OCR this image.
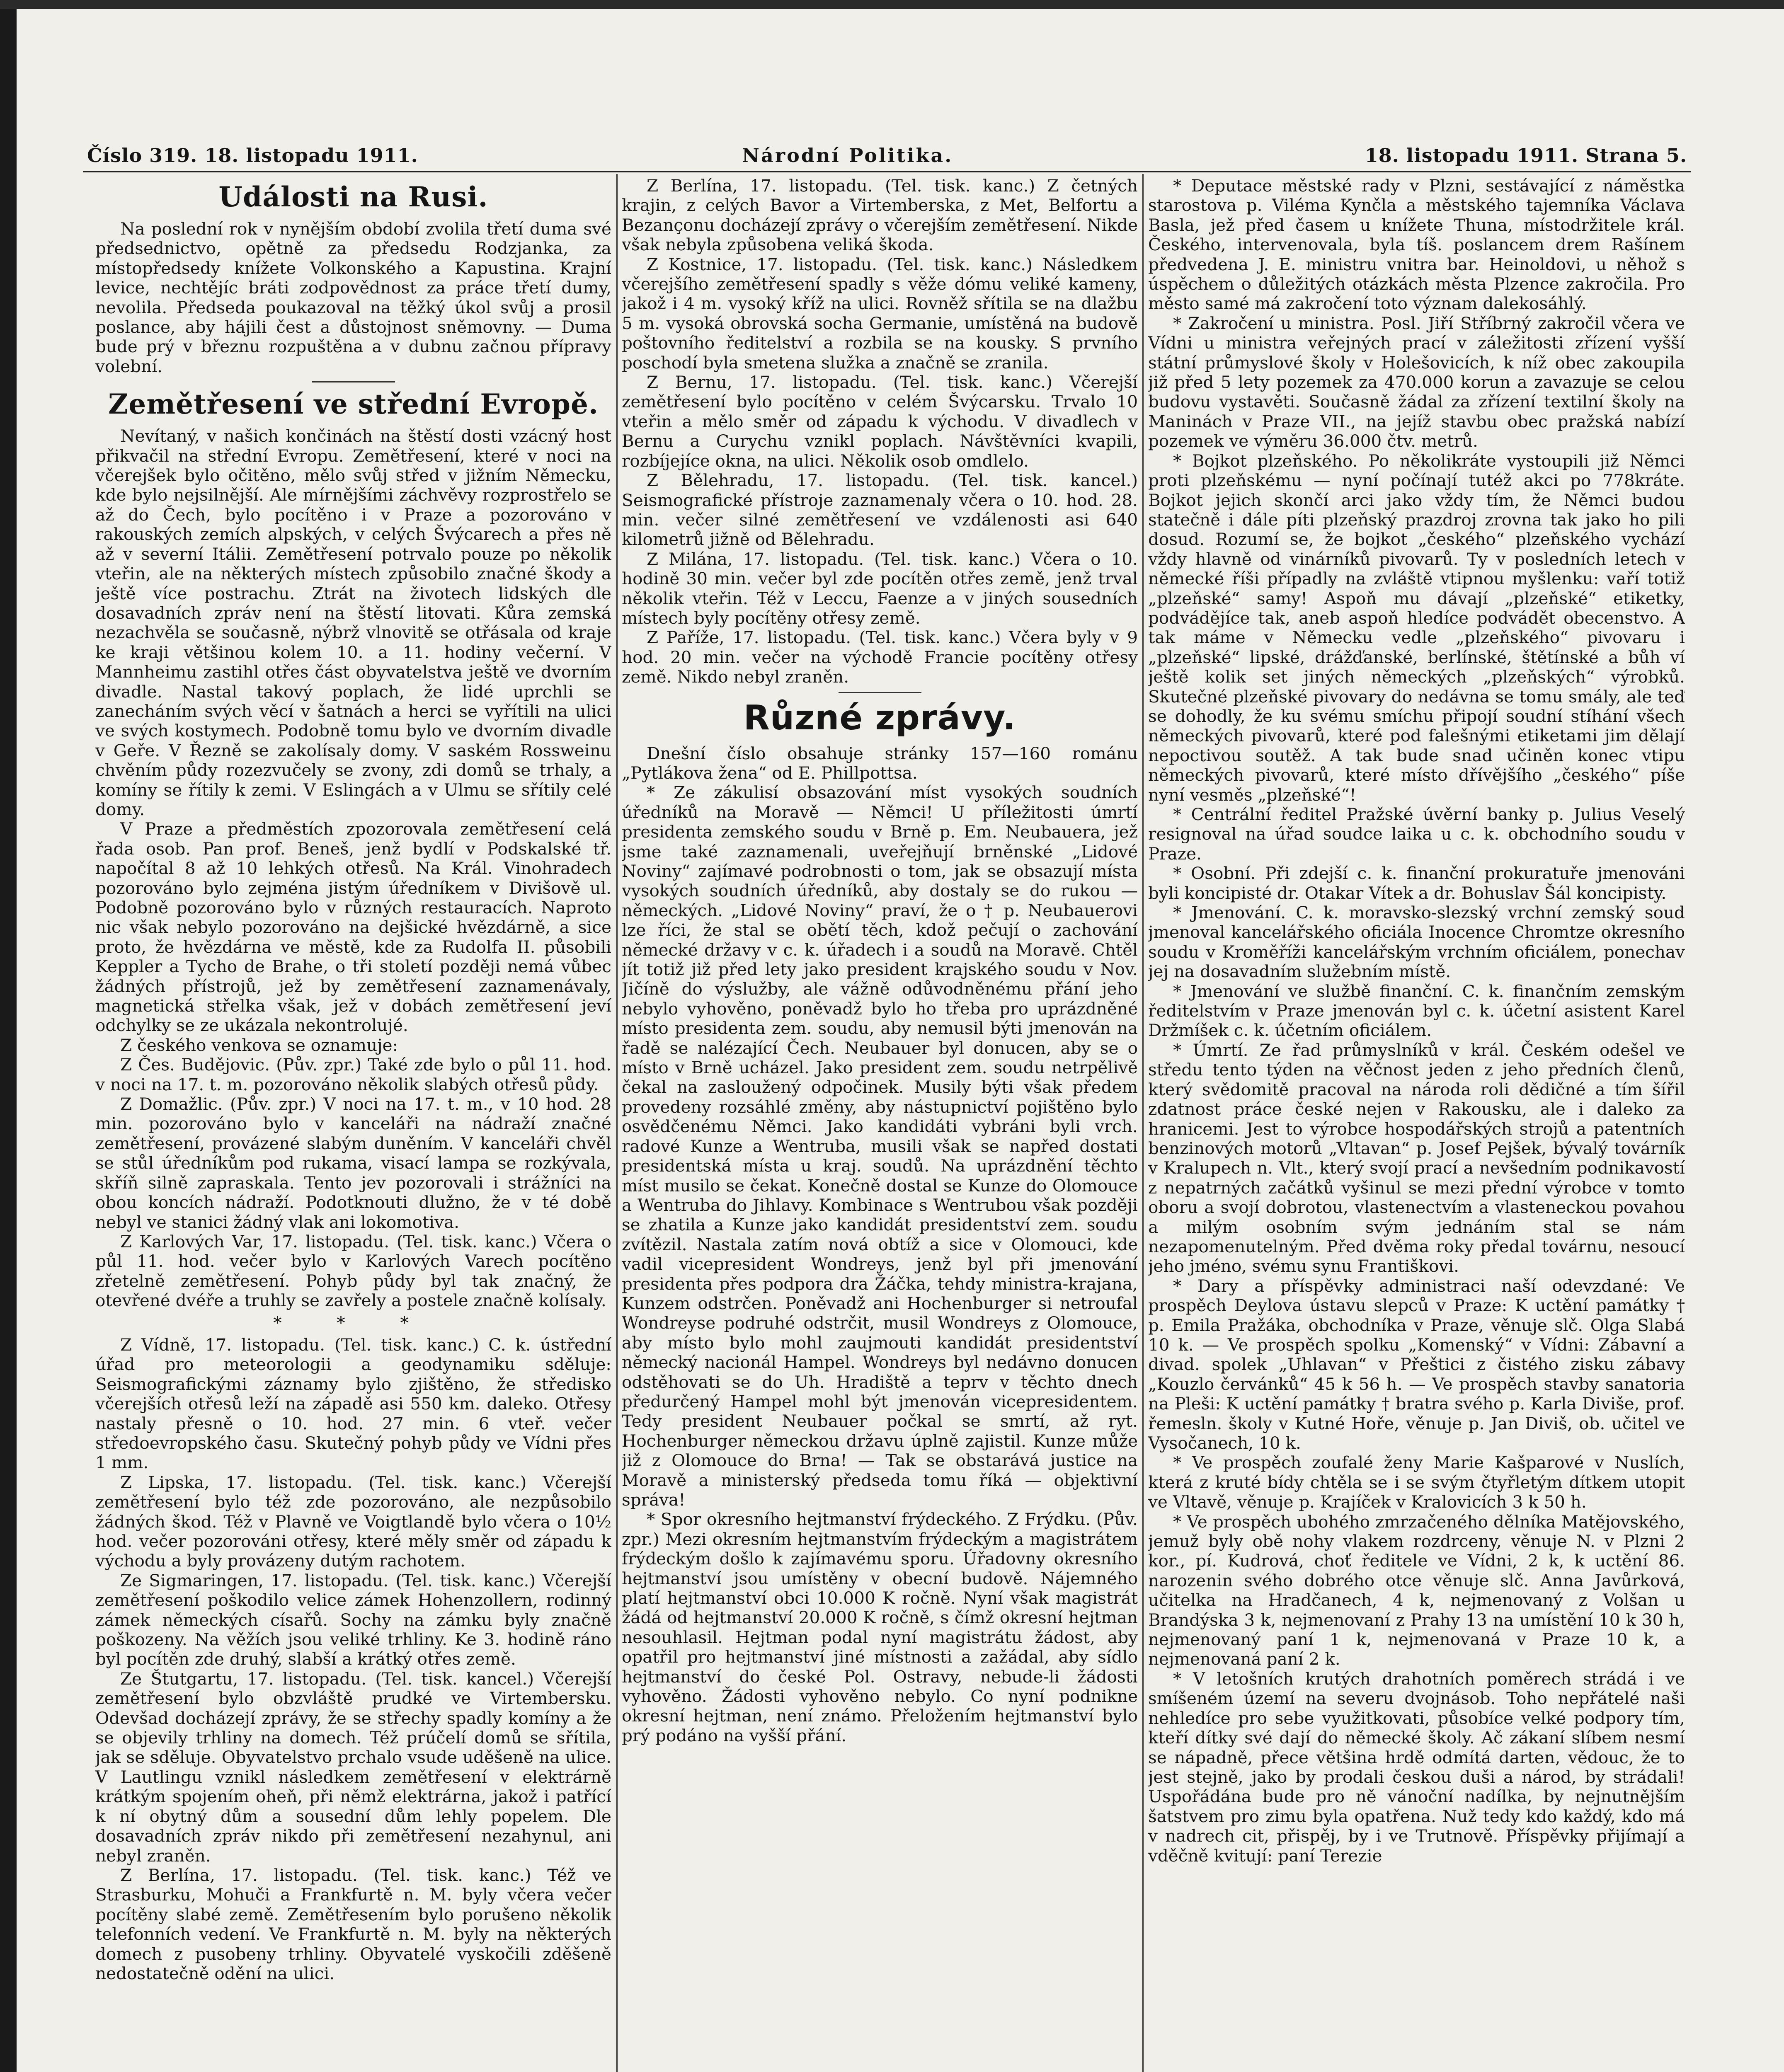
Číslo 319. 18. listopadu 1911.	Národní Politika.	18. listopadu 1911. Strana 5.
Události na Rusi.

Na poslední rok v nynějším období zvolila třetí duma své předsednictvo, opětně za předsedu Rodzjanka, za místopředsedy knížete Volkonského a Kapustina. Krajní levice, nechtějíc bráti zodpovědnost za práce třetí dumy, nevolila. Předseda poukazoval na těžký úkol svůj a prosil poslance, aby hájili čest a důstojnost sněmovny. — Duma bude prý v březnu rozpuštěna a v dubnu začnou přípravy volební.

Zemětřesení ve střední Evropě.

Nevítaný, v našich končinách na štěstí dosti vzácný host přikvačil na střední Evropu. Zemětřesení, které v noci na včerejšek bylo očitěno, mělo svůj střed v jižním Německu, kde bylo nejsilnější. Ale mírnějšími záchvěvy rozprostřelo se až do Čech, bylo pocítěno i v Praze a pozorováno v rakouských zemích alpských, v celých Švýcarech a přes ně až v severní Itálii. Zemětřesení potrvalo pouze po několik vteřin, ale na některých místech způsobilo značné škody a ještě více postrachu. Ztrát na životech lidských dle dosavadních zpráv není na štěstí litovati. Kůra zemská nezachvěla se současně, nýbrž vlnovitě se otřásala od kraje ke kraji většinou kolem 10. a 11. hodiny večerní. V Mannheimu zastihl otřes část obyvatelstva ještě ve dvorním divadle. Nastal takový poplach, že lidé uprchli se zanecháním svých věcí v šatnách a herci se vyřítili na ulici ve svých kostymech. Podobně tomu bylo ve dvorním divadle v Geře. V Řezně se zakolísaly domy. V saském Rossweinu chvěním půdy rozezvučely se zvony, zdi domů se trhaly, a komíny se řítily k zemi. V Eslingách a v Ulmu se sřítily celé domy.

V Praze a předměstích zpozorovala zemětřesení celá řada osob. Pan prof. Beneš, jenž bydlí v Podskalské tř. napočítal 8 až 10 lehkých otřesů. Na Král. Vinohradech pozorováno bylo zejména jistým úředníkem v Divišově ul. Podobně pozorováno bylo v různých restauracích. Naproto nic však nebylo pozorováno na dejšické hvězdárně, a sice proto, že hvězdárna ve městě, kde za Rudolfa II. působili Keppler a Tycho de Brahe, o tři století později nemá vůbec žádných přístrojů, jež by zemětřesení zaznamenávaly, magnetická střelka však, jež v dobách zemětřesení jeví odchylky se ze ukázala nekontrolujé.

Z českého venkova se oznamuje:

Z Čes. Budějovic. (Pův. zpr.) Také zde bylo o půl 11. hod. v noci na 17. t. m. pozorováno několik slabých otřesů půdy.

Z Domažlic. (Pův. zpr.) V noci na 17. t. m., v 10 hod. 28 min. pozorováno bylo v kanceláři na nádraží značné zemětřesení, provázené slabým duněním. V kanceláři chvěl se stůl úředníkům pod rukama, visací lampa se rozkývala, skříň silně zapraskala. Tento jev pozorovali i strážníci na obou koncích nádraží. Podotknouti dlužno, že v té době nebyl ve stanici žádný vlak ani lokomotiva.

Z Karlových Var, 17. listopadu. (Tel. tisk. kanc.) Včera o půl 11. hod. večer bylo v Karlových Varech pocítěno zřetelně zemětřesení. Pohyb půdy byl tak značný, že otevřené dvéře a truhly se zavřely a postele značně kolísaly.

* * *

Z Vídně, 17. listopadu. (Tel. tisk. kanc.) C. k. ústřední úřad pro meteorologii a geodynamiku sděluje: Seismografickými záznamy bylo zjištěno, že středisko včerejších otřesů leží na západě asi 550 km. daleko. Otřesy nastaly přesně o 10. hod. 27 min. 6 vteř. večer středoevropského času. Skutečný pohyb půdy ve Vídni přes 1 mm.

Z Lipska, 17. listopadu. (Tel. tisk. kanc.) Včerejší zemětřesení bylo též zde pozorováno, ale nezpůsobilo žádných škod. Též v Plavně ve Voigtlandě bylo včera o 10½ hod. večer pozorováni otřesy, které měly směr od západu k východu a byly provázeny dutým rachotem.

Ze Sigmaringen, 17. listopadu. (Tel. tisk. kanc.) Včerejší zemětřesení poškodilo velice zámek Hohenzollern, rodinný zámek německých císařů. Sochy na zámku byly značně poškozeny. Na věžích jsou veliké trhliny. Ke 3. hodině ráno byl pocítěn zde druhý, slabší a krátký otřes země.

Ze Štutgartu, 17. listopadu. (Tel. tisk. kancel.) Včerejší zemětřesení bylo obzvláště prudké ve Virtembersku. Odevšad docházejí zprávy, že se střechy spadly komíny a že se objevily trhliny na domech. Též prúčelí domů se sřítila, jak se sděluje. Obyvatelstvo prchalo vsude uděšeně na ulice. V Lautlingu vznikl následkem zemětřesení v elektrárně krátkým spojením oheň, při němž elektrárna, jakož i patřící k ní obytný dům a sousední dům lehly popelem. Dle dosavadních zpráv nikdo při zemětřesení nezahynul, ani nebyl zraněn.

Z Berlína, 17. listopadu. (Tel. tisk. kanc.) Též ve Strasburku, Mohuči a Frankfurtě n. M. byly včera večer pocítěny slabé země. Zemětřesením bylo porušeno několik telefonních vedení. Ve Frankfurtě n. M. byly na některých domech z pusobeny trhliny. Obyvatelé vyskočili zděšeně nedostatečně odění na ulici.

Z Berlína, 17. listopadu. (Tel. tisk. kanc.) Z četných krajin, z celých Bavor a Virtemberska, z Met, Belfortu a Bezançonu docházejí zprávy o včerejším zemětřesení. Nikde však nebyla způsobena veliká škoda.

Z Kostnice, 17. listopadu. (Tel. tisk. kanc.) Následkem včerejšího zemětřesení spadly s věže dómu veliké kameny, jakož i 4 m. vysoký kříž na ulici. Rovněž sřítila se na dlažbu 5 m. vysoká obrovská socha Germanie, umístěná na budově poštovního ředitelství a rozbila se na kousky. S prvního poschodí byla smetena služka a značně se zranila.

Z Bernu, 17. listopadu. (Tel. tisk. kanc.) Včerejší zemětřesení bylo pocítěno v celém Švýcarsku. Trvalo 10 vteřin a mělo směr od západu k východu. V divadlech v Bernu a Curychu vznikl poplach. Návštěvníci kvapili, rozbíjejíce okna, na ulici. Několik osob omdlelo.

Z Bělehradu, 17. listopadu. (Tel. tisk. kancel.) Seismografické přístroje zaznamenaly včera o 10. hod. 28. min. večer silné zemětřesení ve vzdálenosti asi 640 kilometrů jižně od Bělehradu.

Z Milána, 17. listopadu. (Tel. tisk. kanc.) Včera o 10. hodině 30 min. večer byl zde pocítěn otřes země, jenž trval několik vteřin. Též v Leccu, Faenze a v jiných sousedních místech byly pocítěny otřesy země.

Z Paříže, 17. listopadu. (Tel. tisk. kanc.) Včera byly v 9 hod. 20 min. večer na východě Francie pocítěny otřesy země. Nikdo nebyl zraněn.

Různé zprávy.

Dnešní číslo obsahuje stránky 157—160 románu „Pytlákova žena“ od E. Phillpottsa.

* Ze zákulisí obsazování míst vysokých soudních úředníků na Moravě — Němci! U příležitosti úmrtí presidenta zemského soudu v Brně p. Em. Neubauera, jež jsme také zaznamenali, uveřejňují brněnské „Lidové Noviny“ zajímavé podrobnosti o tom, jak se obsazují místa vysokých soudních úředníků, aby dostaly se do rukou — německých. „Lidové Noviny“ praví, že o † p. Neubauerovi lze říci, že stal se obětí těch, kdož pečují o zachování německé državy v c. k. úřadech i a soudů na Moravě. Chtěl jít totiž již před lety jako president krajského soudu v Nov. Jičíně do výslužby, ale vážně odůvodněnému přání jeho nebylo vyhověno, poněvadž bylo ho třeba pro uprázdněné místo presidenta zem. soudu, aby nemusil býti jmenován na řadě se nalézající Čech. Neubauer byl donucen, aby se o místo v Brně ucházel. Jako president zem. soudu netrpělivě čekal na zasloužený odpočinek. Musily býti však předem provedeny rozsáhlé změny, aby nástupnictví pojištěno bylo osvědčenému Němci. Jako kandidáti vybráni byli vrch. radové Kunze a Wentruba, musili však se napřed dostati presidentská místa u kraj. soudů. Na uprázdnění těchto míst musilo se čekat. Konečně dostal se Kunze do Olomouce a Wentruba do Jihlavy. Kombinace s Wentrubou však později se zhatila a Kunze jako kandidát presidentství zem. soudu zvítězil. Nastala zatím nová obtíž a sice v Olomouci, kde vadil vicepresident Wondreys, jenž byl při jmenování presidenta přes podpora dra Žáčka, tehdy ministra-krajana, Kunzem odstrčen. Poněvadž ani Hochenburger si netroufal Wondreyse podruhé odstrčit, musil Wondreys z Olomouce, aby místo bylo mohl zaujmouti kandidát presidentství německý nacionál Hampel. Wondreys byl nedávno donucen odstěhovati se do Uh. Hradiště a teprv v těchto dnech předurčený Hampel mohl být jmenován vicepresidentem. Tedy president Neubauer počkal se smrtí, až ryt. Hochenburger německou državu úplně zajistil. Kunze může již z Olomouce do Brna! — Tak se obstarává justice na Moravě a ministerský předseda tomu říká — objektivní správa!

* Spor okresního hejtmanství frýdeckého. Z Frýdku. (Pův. zpr.) Mezi okresním hejtmanstvím frýdeckým a magistrátem frýdeckým došlo k zajímavému sporu. Úřadovny okresního hejtmanství jsou umístěny v obecní budově. Nájemného platí hejtmanství obci 10.000 K ročně. Nyní však magistrát žádá od hejtmanství 20.000 K ročně, s čímž okresní hejtman nesouhlasil. Hejtman podal nyní magistrátu žádost, aby opatřil pro hejtmanství jiné místnosti a zažádal, aby sídlo hejtmanství do české Pol. Ostravy, nebude-li žádosti vyhověno. Žádosti vyhověno nebylo. Co nyní podnikne okresní hejtman, není známo. Přeložením hejtmanství bylo prý podáno na vyšší přání.

* Deputace městské rady v Plzni, sestávající z náměstka starostova p. Viléma Kynčla a městského tajemníka Václava Basla, jež před časem u knížete Thuna, místodržitele král. Českého, intervenovala, byla tíš. poslancem drem Rašínem předvedena J. E. ministru vnitra bar. Heinoldovi, u něhož s úspěchem o důležitých otázkách města Plzence zakročila. Pro město samé má zakročení toto význam dalekosáhlý.

* Zakročení u ministra. Posl. Jiří Stříbrný zakročil včera ve Vídni u ministra veřejných prací v záležitosti zřízení vyšší státní průmyslové školy v Holešovicích, k níž obec zakoupila již před 5 lety pozemek za 470.000 korun a zavazuje se celou budovu vystavěti. Současně žádal za zřízení textilní školy na Maninách v Praze VII., na jejíž stavbu obec pražská nabízí pozemek ve výměru 36.000 čtv. metrů.

* Bojkot plzeňského. Po několikráte vystoupili již Němci proti plzeňskému — nyní počínají tutéž akci po 778kráte. Bojkot jejich skončí arci jako vždy tím, že Němci budou statečně i dále píti plzeňský prazdroj zrovna tak jako ho pili dosud. Rozumí se, že bojkot „českého“ plzeňského vychází vždy hlavně od vinárníků pivovarů. Ty v posledních letech v německé říši případly na zvláště vtipnou myšlenku: vaří totiž „plzeňské“ samy! Aspoň mu dávají „plzeňské“ etiketky, podvádějíce tak, aneb aspoň hledíce podvádět obecenstvo. A tak máme v Německu vedle „plzeňského“ pivovaru i „plzeňské“ lipské, drážďanské, berlínské, štětínské a bůh ví ještě kolik set jiných německých „plzeňských“ výrobků. Skutečné plzeňské pivovary do nedávna se tomu smály, ale teď se dohodly, že ku svému smíchu připojí soudní stíhání všech německých pivovarů, které pod falešnými etiketami jim dělají nepoctivou soutěž. A tak bude snad učiněn konec vtipu německých pivovarů, které místo dřívějšího „českého“ píše nyní vesměs „plzeňské“!

* Centrální ředitel Pražské úvěrní banky p. Julius Veselý resignoval na úřad soudce laika u c. k. obchodního soudu v Praze.

* Osobní. Při zdejší c. k. finanční prokuratuře jmenováni byli koncipisté dr. Otakar Vítek a dr. Bohuslav Šál koncipisty.

* Jmenování. C. k. moravsko-slezský vrchní zemský soud jmenoval kancelářského oficiála Inocence Chromtze okresního soudu v Kroměříži kancelářským vrchním oficiálem, ponechav jej na dosavadním služebním místě.

* Jmenování ve službě finanční. C. k. finančním zemským ředitelstvím v Praze jmenován byl c. k. účetní asistent Karel Držmíšek c. k. účetním oficiálem.

* Úmrtí. Ze řad průmyslníků v král. Českém odešel ve středu tento týden na věčnost jeden z jeho předních členů, který svědomitě pracoval na národa roli dědičné a tím šířil zdatnost práce české nejen v Rakousku, ale i daleko za hranicemi. Jest to výrobce hospodářských strojů a patentních benzinových motorů „Vltavan“ p. Josef Pejšek, bývalý továrník v Kralupech n. Vlt., který svojí prací a nevšedním podnikavostí z nepatrných začátků vyšinul se mezi přední výrobce v tomto oboru a svojí dobrotou, vlastenectvím a vlasteneckou povahou a milým osobním svým jednáním stal se nám nezapomenutelným. Před dvěma roky předal továrnu, nesoucí jeho jméno, svému synu Františkovi.

* Dary a příspěvky administraci naší odevzdané: Ve prospěch Deylova ústavu slepců v Praze: K uctění památky † p. Emila Pražáka, obchodníka v Praze, věnuje slč. Olga Slabá 10 k. — Ve prospěch spolku „Komenský“ v Vídni: Zábavní a divad. spolek „Uhlavan“ v Přeštici z čistého zisku zábavy „Kouzlo červánků“ 45 k 56 h. — Ve prospěch stavby sanatoria na Pleši: K uctění památky † bratra svého p. Karla Diviše, prof. řemesln. školy v Kutné Hoře, věnuje p. Jan Diviš, ob. učitel ve Vysočanech, 10 k.

* Ve prospěch zoufalé ženy Marie Kašparové v Nuslích, která z kruté bídy chtěla se i se svým čtyřletým dítkem utopit ve Vltavě, věnuje p. Krajíček v Kralovicích 3 k 50 h.

* Ve prospěch ubohého zmrzačeného dělníka Matějovského, jemuž byly obě nohy vlakem rozdrceny, věnuje N. v Plzni 2 kor., pí. Kudrová, choť ředitele ve Vídni, 2 k, k uctění 86. narozenin svého dobrého otce věnuje slč. Anna Javůrková, učitelka na Hradčanech, 4 k, nejmenovaný z Volšan u Brandýska 3 k, nejmenovaní z Prahy 13 na umístění 10 k 30 h, nejmenovaný paní 1 k, nejmenovaná v Praze 10 k, a nejmenovaná paní 2 k.

* V letošních krutých drahotních poměrech strádá i ve smíšeném území na severu dvojnásob. Toho nepřátelé naši nehledíce pro sebe využitkovati, působíce velké podpory tím, kteří dítky své dají do německé školy. Ač zákaní slíbem nesmí se nápadně, přece většina hrdě odmítá darten, vědouc, že to jest stejně, jako by prodali českou duši a národ, by strádali! Uspořádána bude pro ně vánoční nadílka, by nejnutnějším šatstvem pro zimu byla opatřena. Nuž tedy kdo každý, kdo má v nadrech cit, přispěj, by i ve Trutnově. Příspěvky přijímají a vděčně kvitují: paní Terezie
